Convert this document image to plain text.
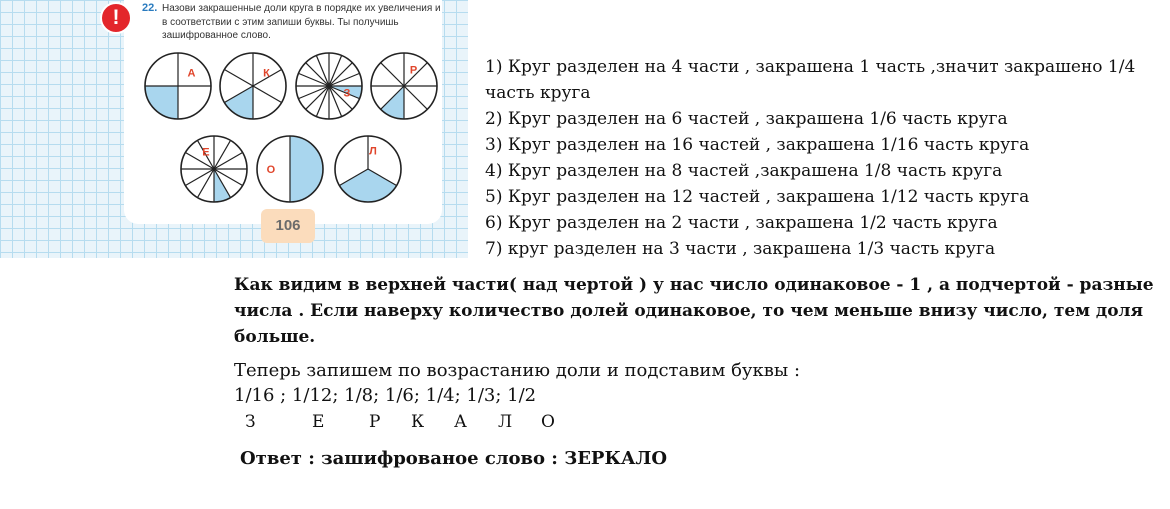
!	22. Назови закрашенные доли круга в порядке их увеличения и в соответствии с этим запиши буквы. Ты получишь зашифрованное слово.
А	К
З
Р
Е
О
Л
106
1) Круг разделен на 4 части , закрашена 1 часть ,значит закрашено 1/4
часть круга
2) Круг разделен на 6 частей , закрашена 1/6 часть круга
3) Круг разделен на 16 частей , закрашена 1/16 часть круга
4) Круг разделен на 8 частей ,закрашена 1/8 часть круга
5) Круг разделен на 12 частей , закрашена 1/12 часть круга
6) Круг разделен на 2 части , закрашена 1/2 часть круга
7) круг разделен на 3 части , закрашена 1/3 часть круга
Как видим в верхней части( над чертой ) у нас число одинаковое - 1 , а подчертой - разные числа . Если наверху количество долей одинаковое, то чем меньше внизу число, тем доля больше.
Теперь запишем по возрастанию доли и подставим буквы :
1/16 ; 1/12; 1/8; 1/6; 1/4; 1/3; 1/2
З	Е	Р К А Л О
Ответ : зашифрованое слово : ЗЕРКАЛО
